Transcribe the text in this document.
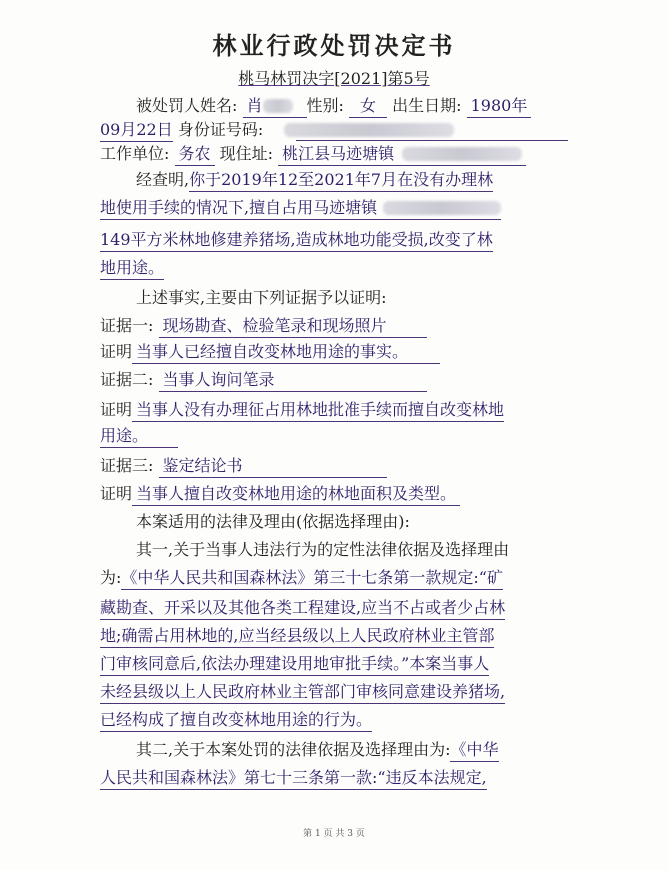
林业行政处罚决定书
桃马林罚决字[2021]第5号
被处罚人姓名: 肖	性别: 女 出生日期: 1980年
09月22日 身份证号码:
工作单位: 务农 现住址: 桃江县马迹塘镇
经查明,你于2019年12至2021年7月在没有办理林
地使用手续的情况下,擅自占用马迹塘镇
149平方米林地修建养猪场,造成林地功能受损,改变了林
地用途。
上述事实,主要由下列证据予以证明:
证据一: 现场勘查、检验笔录和现场照片
证明 当事人已经擅自改变林地用途的事实。
证据二: 当事人询问笔录
证明 当事人没有办理征占用林地批准手续而擅自改变林地
用途。
证据三: 鉴定结论书
证明 当事人擅自改变林地用途的林地面积及类型。
本案适用的法律及理由(依据选择理由):
其一,关于当事人违法行为的定性法律依据及选择理由
为:《中华人民共和国森林法》第三十七条第一款规定:“矿
藏勘查、开采以及其他各类工程建设,应当不占或者少占林
地;确需占用林地的,应当经县级以上人民政府林业主管部
门审核同意后,依法办理建设用地审批手续。”本案当事人
未经县级以上人民政府林业主管部门审核同意建设养猪场,
已经构成了擅自改变林地用途的行为。
其二,关于本案处罚的法律依据及选择理由为:《中华
人民共和国森林法》第七十三条第一款:“违反本法规定,
第 1 页 共 3 页
